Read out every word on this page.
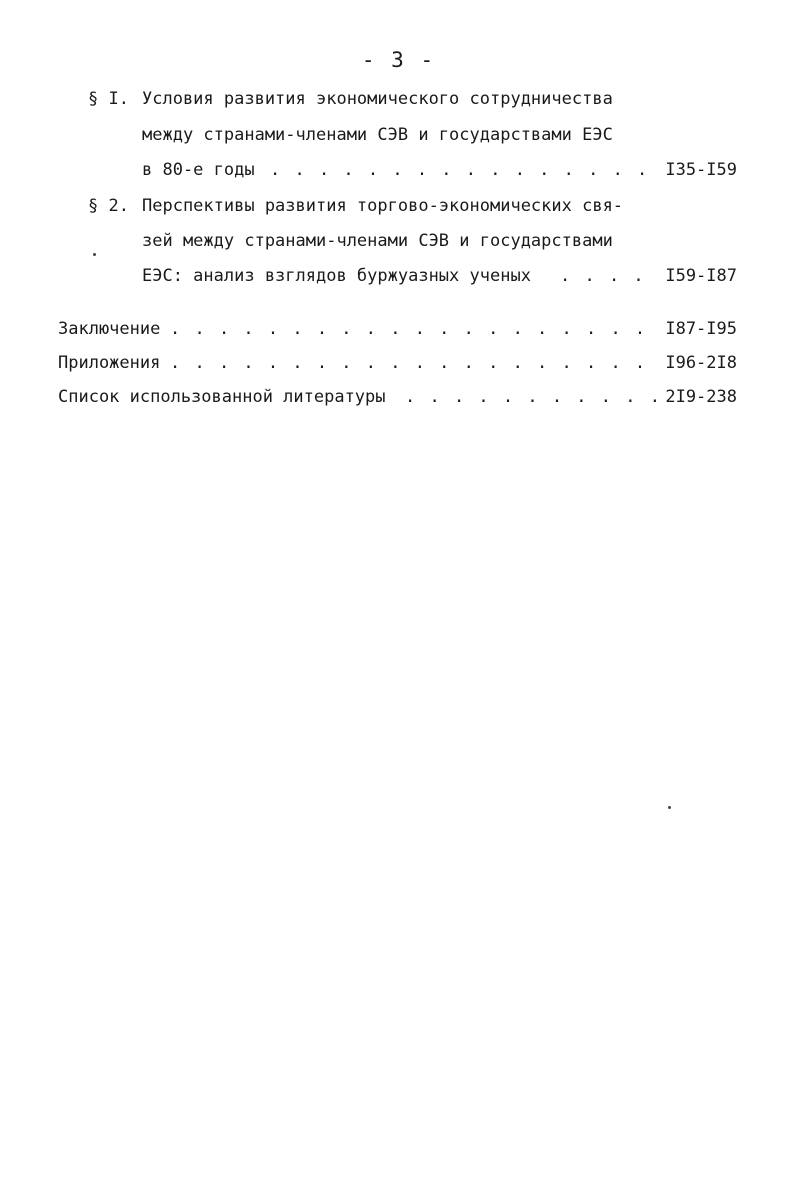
- 3 -
§ I. Условия развития экономического сотрудничества
между странами-членами СЭВ и государствами ЕЭС
в 80-е годы . . . . . . . . . . . . . . . . I35-I59
§ 2. Перспективы развития торгово-экономических свя-
зей между странами-членами СЭВ и государствами
ЕЭС: анализ взглядов буржуазных ученых . . . . I59-I87
Заключение . . . . . . . . . . . . . . . . . . . . I87-I95
Приложения . . . . . . . . . . . . . . . . . . . . I96-2I8
Список использованной литературы . . . . . . . . . . . 2I9-238
